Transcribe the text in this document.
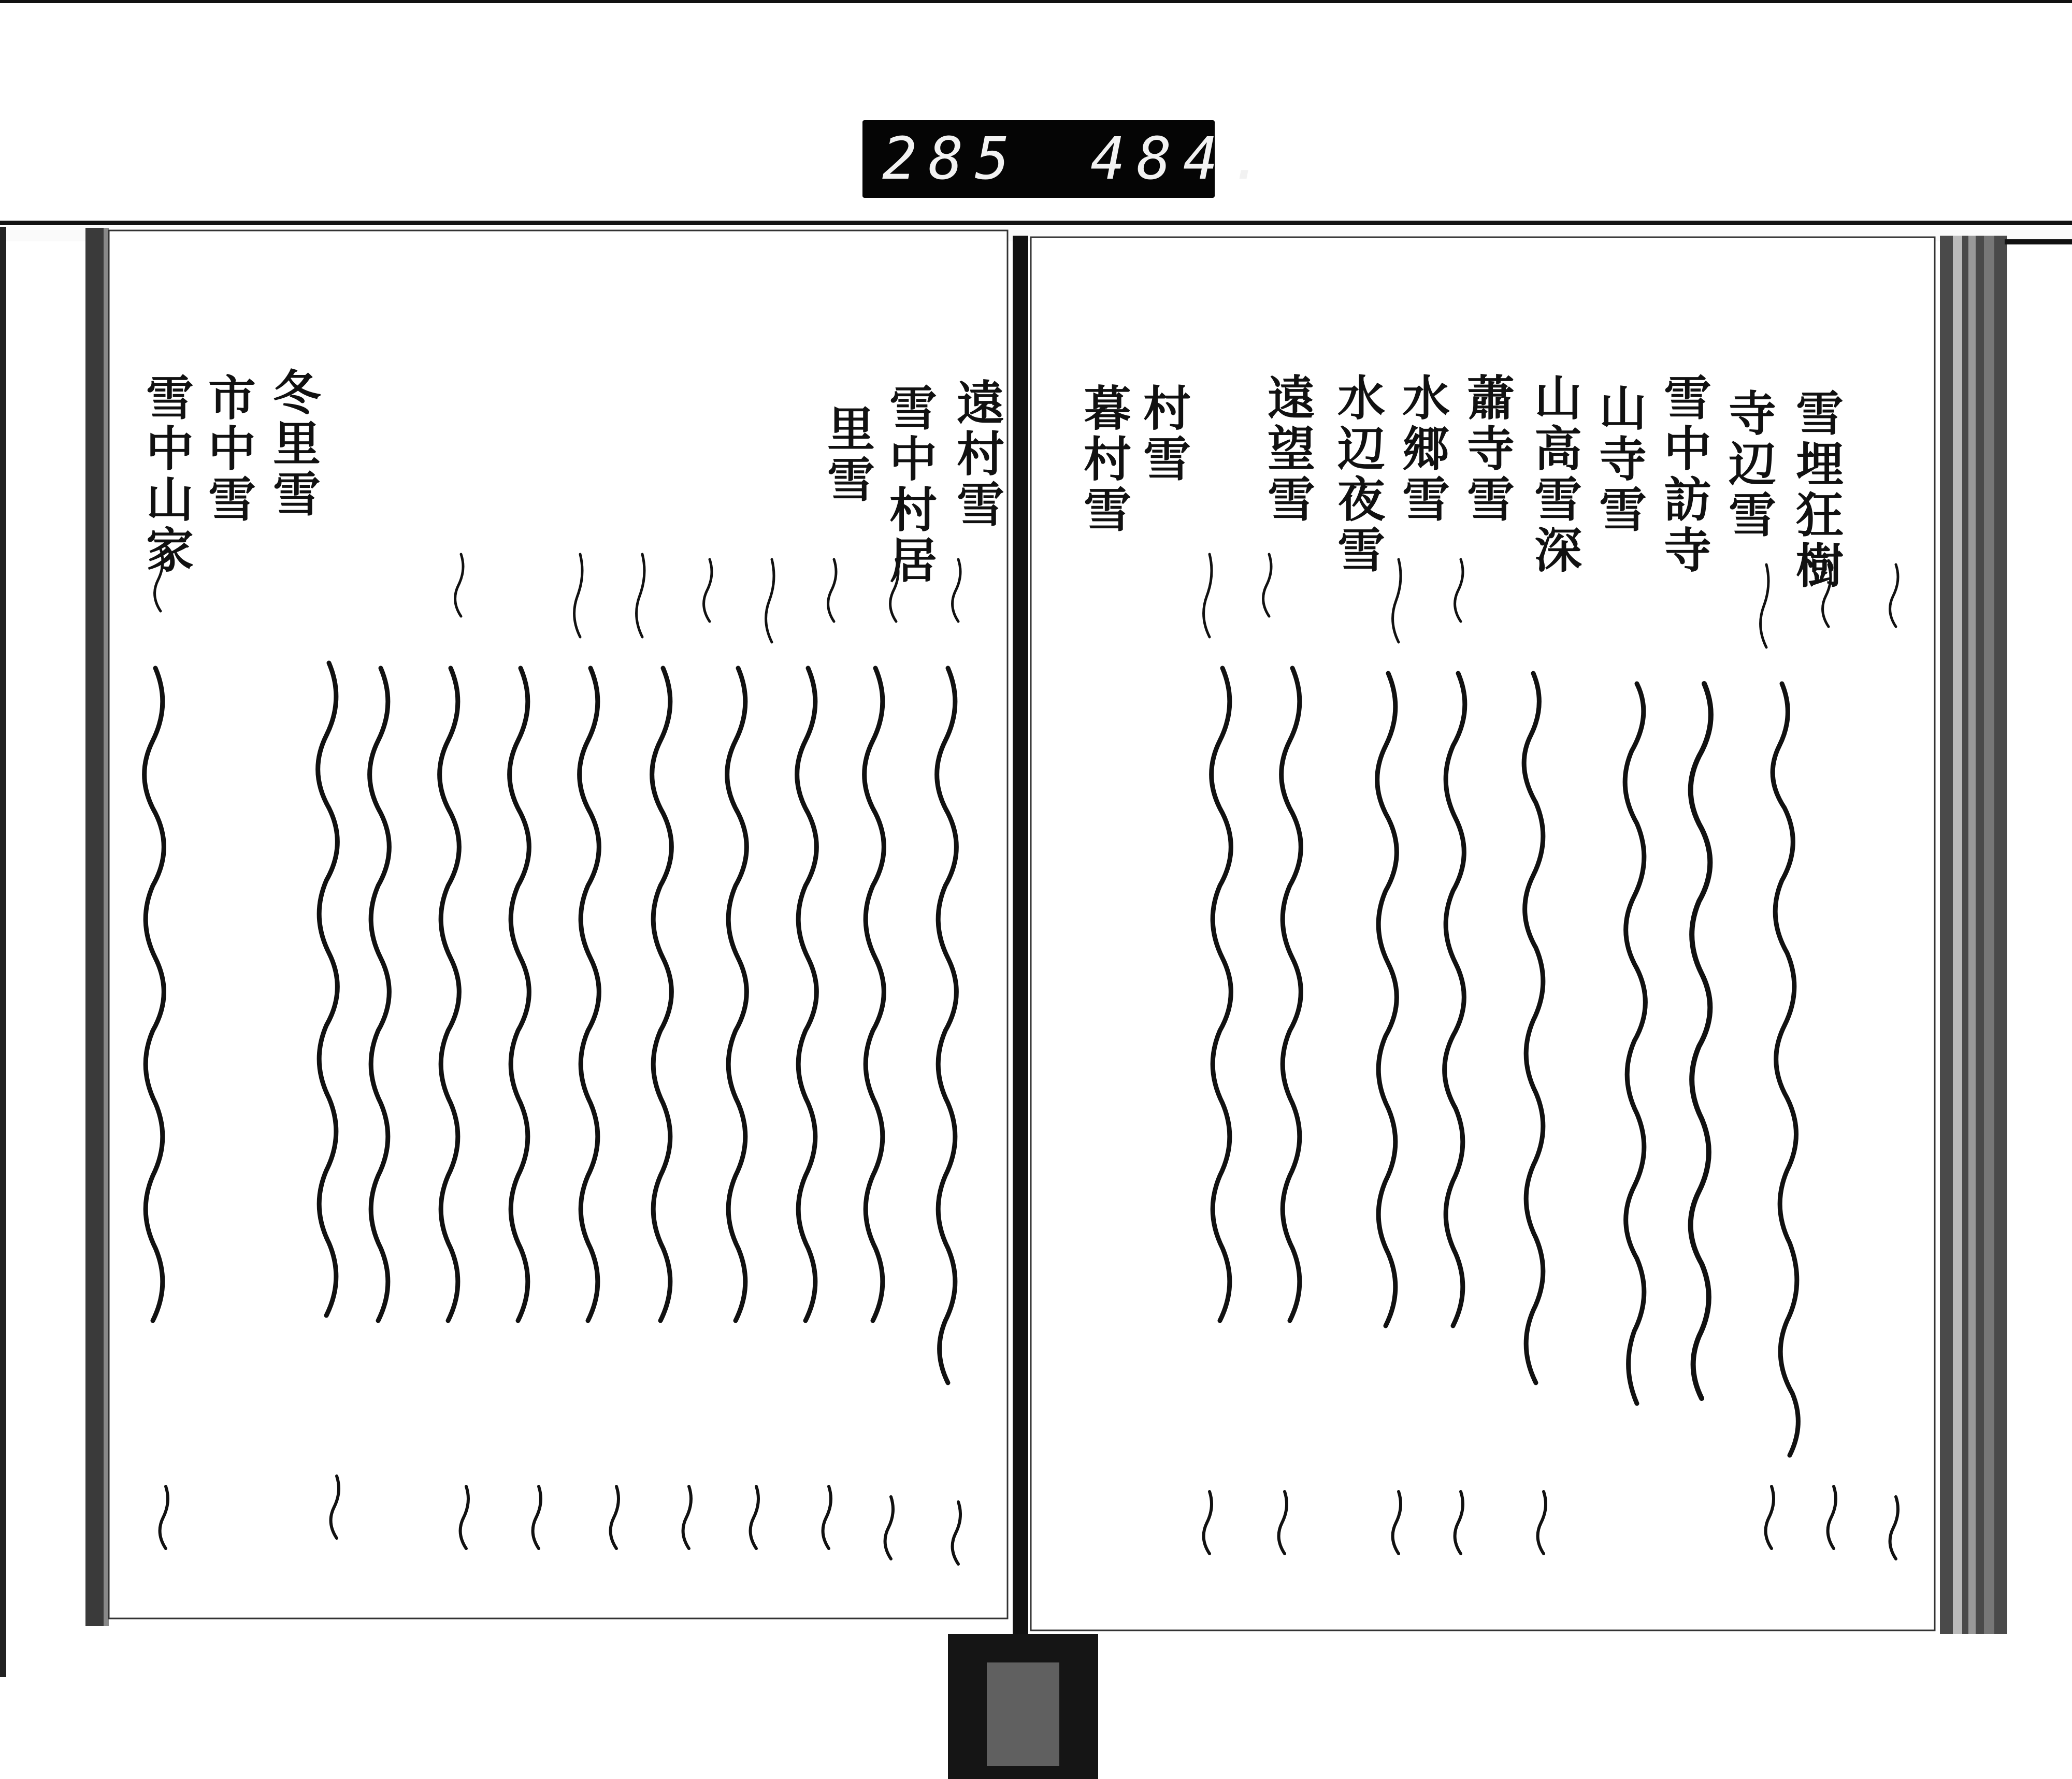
285 484.
雪埋狂樹
寺辺雪
雪中訪寺
山寺雪
山高雪深
蕭寺雪
水郷雪
水辺夜雪
遠望雪
村雪
暮村雪
遠村雪
雪中村居
里雪
冬里雪
市中雪
雪中山家
